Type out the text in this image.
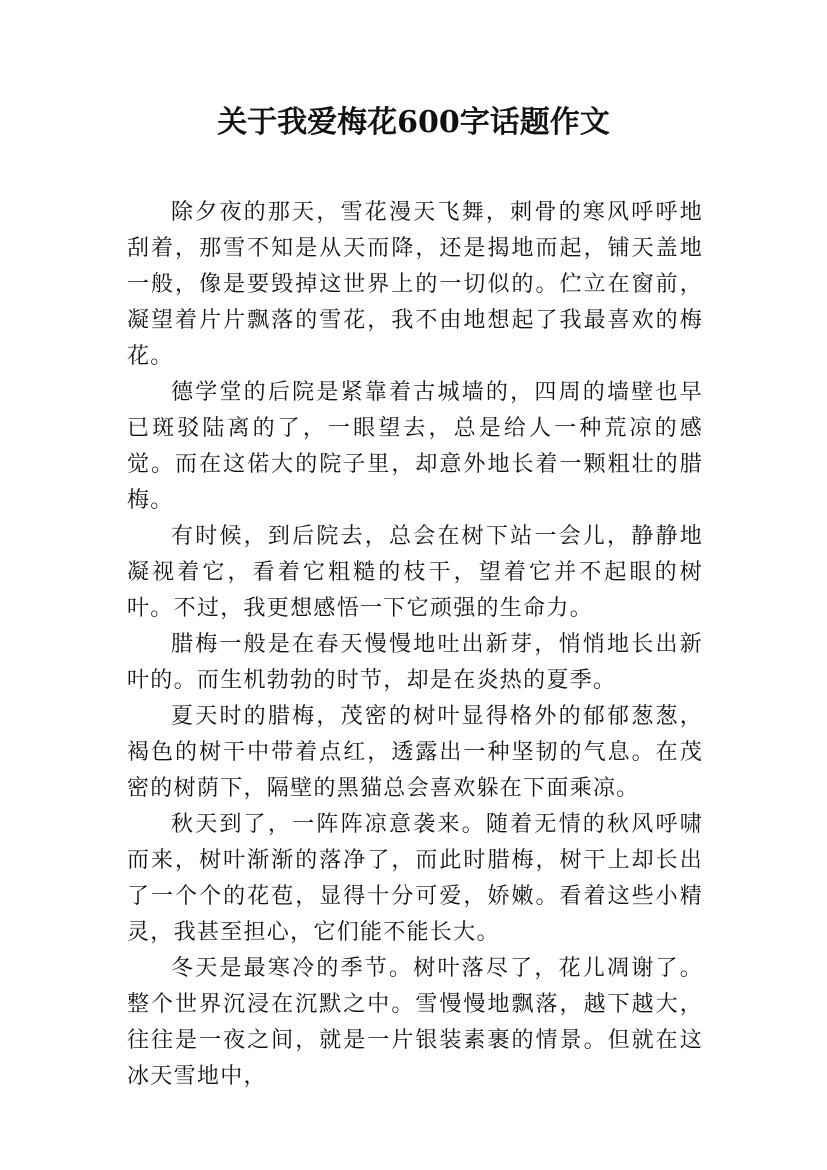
关于我爱梅花600字话题作文

除夕夜的那天，雪花漫天飞舞，刺骨的寒风呼呼地刮着，那雪不知是从天而降，还是揭地而起，铺天盖地一般，像是要毁掉这世界上的一切似的。伫立在窗前，凝望着片片飘落的雪花，我不由地想起了我最喜欢的梅花。

德学堂的后院是紧靠着古城墙的，四周的墙壁也早已斑驳陆离的了，一眼望去，总是给人一种荒凉的感觉。而在这偌大的院子里，却意外地长着一颗粗壮的腊梅。

有时候，到后院去，总会在树下站一会儿，静静地凝视着它，看着它粗糙的枝干，望着它并不起眼的树叶。不过，我更想感悟一下它顽强的生命力。

腊梅一般是在春天慢慢地吐出新芽，悄悄地长出新叶的。而生机勃勃的时节，却是在炎热的夏季。

夏天时的腊梅，茂密的树叶显得格外的郁郁葱葱，褐色的树干中带着点红，透露出一种坚韧的气息。在茂密的树荫下，隔壁的黑猫总会喜欢躲在下面乘凉。

秋天到了，一阵阵凉意袭来。随着无情的秋风呼啸而来，树叶渐渐的落净了，而此时腊梅，树干上却长出了一个个的花苞，显得十分可爱，娇嫩。看着这些小精灵，我甚至担心，它们能不能长大。

冬天是最寒冷的季节。树叶落尽了，花儿凋谢了。整个世界沉浸在沉默之中。雪慢慢地飘落，越下越大，往往是一夜之间，就是一片银装素裹的情景。但就在这冰天雪地中，
